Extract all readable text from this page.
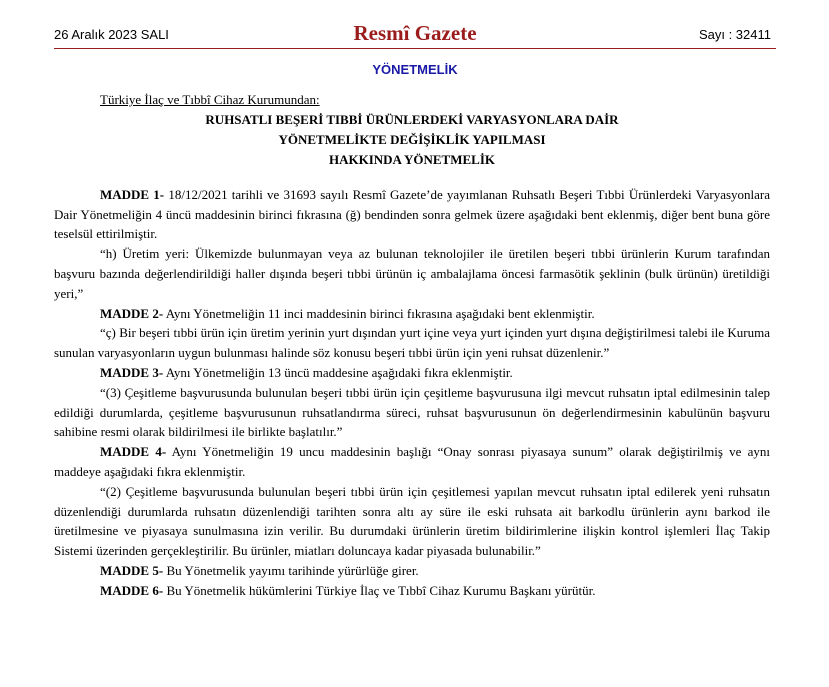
26 Aralık 2023 SALI	Resmî Gazete	Sayı : 32411
YÖNETMELİK

Türkiye İlaç ve Tıbbî Cihaz Kurumundan:

RUHSATLI BEŞERİ TIBBİ ÜRÜNLERDEKİ VARYASYONLARA DAİR
YÖNETMELİKTE DEĞİŞİKLİK YAPILMASI
HAKKINDA YÖNETMELİK

MADDE 1- 18/12/2021 tarihli ve 31693 sayılı Resmî Gazete’de yayımlanan Ruhsatlı Beşeri Tıbbi Ürünlerdeki Varyasyonlara Dair Yönetmeliğin 4 üncü maddesinin birinci fıkrasına (ğ) bendinden sonra gelmek üzere aşağıdaki bent eklenmiş, diğer bent buna göre teselsül ettirilmiştir.

“h) Üretim yeri: Ülkemizde bulunmayan veya az bulunan teknolojiler ile üretilen beşeri tıbbi ürünlerin Kurum tarafından başvuru bazında değerlendirildiği haller dışında beşeri tıbbi ürünün iç ambalajlama öncesi farmasötik şeklinin (bulk ürünün) üretildiği yeri,”

MADDE 2- Aynı Yönetmeliğin 11 inci maddesinin birinci fıkrasına aşağıdaki bent eklenmiştir.

“ç) Bir beşeri tıbbi ürün için üretim yerinin yurt dışından yurt içine veya yurt içinden yurt dışına değiştirilmesi talebi ile Kuruma sunulan varyasyonların uygun bulunması halinde söz konusu beşeri tıbbi ürün için yeni ruhsat düzenlenir.”

MADDE 3- Aynı Yönetmeliğin 13 üncü maddesine aşağıdaki fıkra eklenmiştir.

“(3) Çeşitleme başvurusunda bulunulan beşeri tıbbi ürün için çeşitleme başvurusuna ilgi mevcut ruhsatın iptal edilmesinin talep edildiği durumlarda, çeşitleme başvurusunun ruhsatlandırma süreci, ruhsat başvurusunun ön değerlendirmesinin kabulünün başvuru sahibine resmi olarak bildirilmesi ile birlikte başlatılır.”

MADDE 4- Aynı Yönetmeliğin 19 uncu maddesinin başlığı “Onay sonrası piyasaya sunum” olarak değiştirilmiş ve aynı maddeye aşağıdaki fıkra eklenmiştir.

“(2) Çeşitleme başvurusunda bulunulan beşeri tıbbi ürün için çeşitlemesi yapılan mevcut ruhsatın iptal edilerek yeni ruhsatın düzenlendiği durumlarda ruhsatın düzenlendiği tarihten sonra altı ay süre ile eski ruhsata ait barkodlu ürünlerin aynı barkod ile üretilmesine ve piyasaya sunulmasına izin verilir. Bu durumdaki ürünlerin üretim bildirimlerine ilişkin kontrol işlemleri İlaç Takip Sistemi üzerinden gerçekleştirilir. Bu ürünler, miatları doluncaya kadar piyasada bulunabilir.”

MADDE 5- Bu Yönetmelik yayımı tarihinde yürürlüğe girer.

MADDE 6- Bu Yönetmelik hükümlerini Türkiye İlaç ve Tıbbî Cihaz Kurumu Başkanı yürütür.
